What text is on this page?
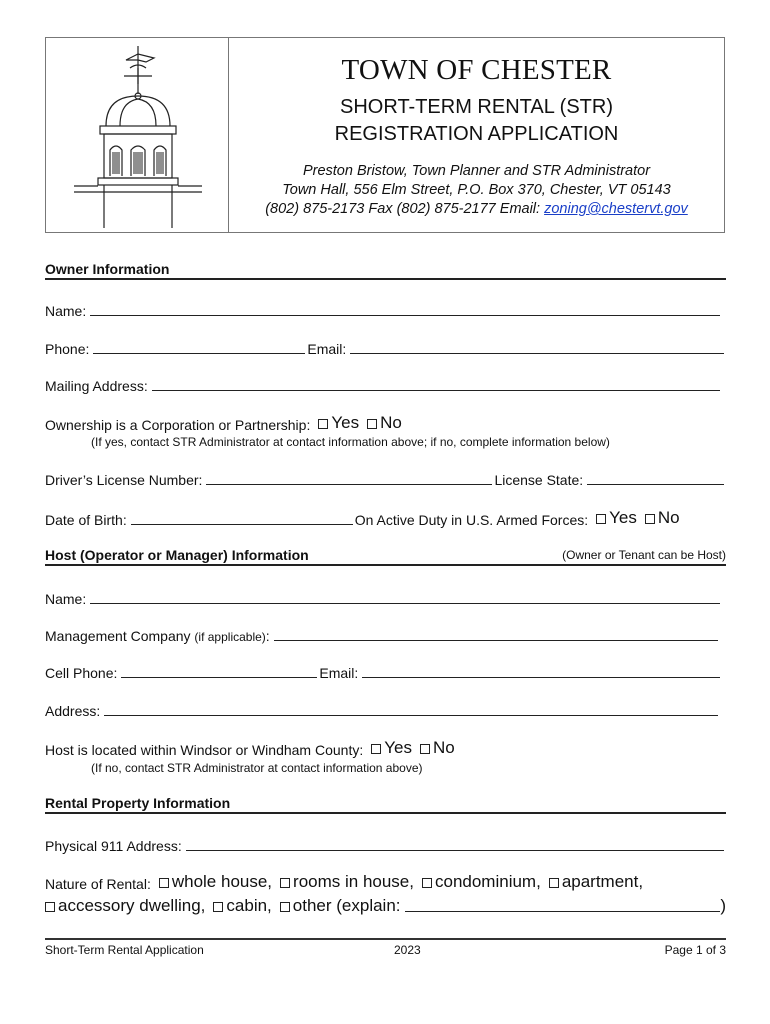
TOWN OF CHESTER
SHORT-TERM RENTAL (STR)
REGISTRATION APPLICATION
Preston Bristow, Town Planner and STR Administrator
Town Hall, 556 Elm Street, P.O. Box 370, Chester, VT 05143
(802) 875-2173 Fax (802) 875-2177 Email: zoning@chestervt.gov
Owner Information
Name:
Phone:	Email:
Mailing Address:
Ownership is a Corporation or Partnership: Yes No
(If yes, contact STR Administrator at contact information above; if no, complete information below)
Driver’s License Number:	License State:
Date of Birth:	On Active Duty in U.S. Armed Forces: Yes No
Host (Operator or Manager) Information	(Owner or Tenant can be Host)
Name:
Management Company (if applicable):
Cell Phone:	Email:
Address:
Host is located within Windsor or Windham County: Yes No
(If no, contact STR Administrator at contact information above)
Rental Property Information
Physical 911 Address:
Nature of Rental: whole house, rooms in house, condominium, apartment,
accessory dwelling, cabin, other (explain:	)
Short-Term Rental Application	2023	Page 1 of 3
